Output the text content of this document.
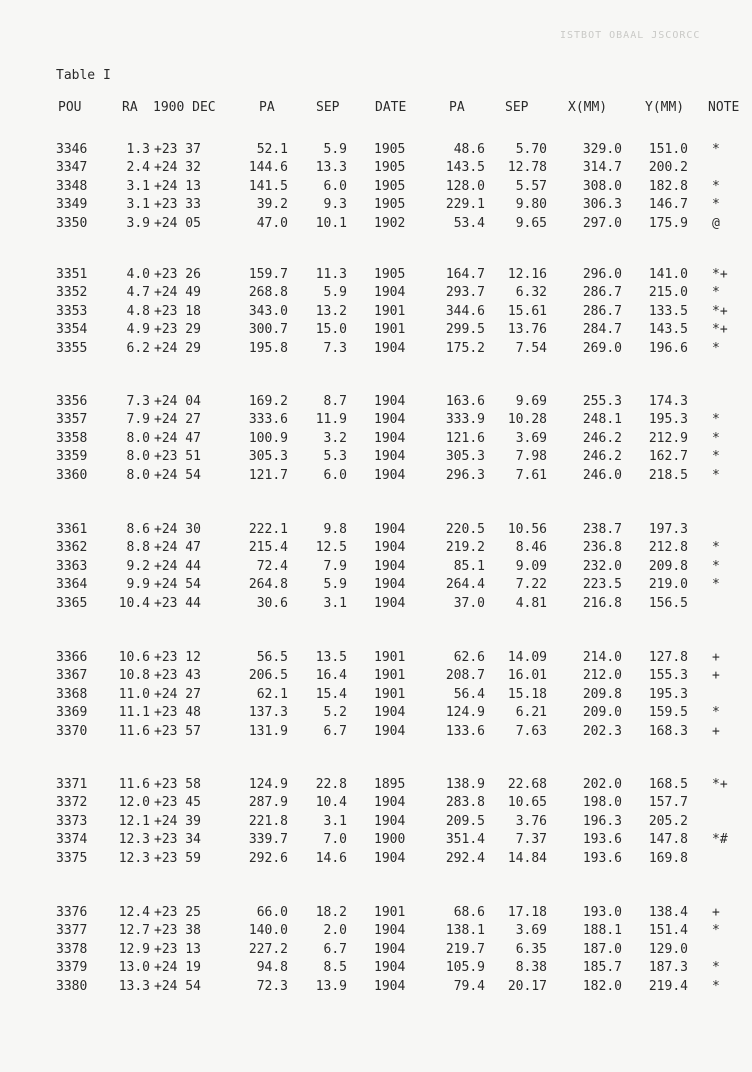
ISTBOT OBAAL JSCORCC
Table I
POU	RA 1900 DEC	PA	SEP	DATE	PA	SEP	X(MM)	Y(MM) NOTE
3346	1.3 +23 37	52.1	5.9 1905	48.6	5.70	329.0	151.0 *
3347	2.4 +24 32	144.6	13.3 1905	143.5	12.78	314.7	200.2
3348	3.1 +24 13	141.5	6.0 1905	128.0	5.57	308.0	182.8 *
3349	3.1 +23 33	39.2	9.3 1905	229.1	9.80	306.3	146.7 *
3350	3.9 +24 05	47.0	10.1 1902	53.4	9.65	297.0	175.9 @
3351	4.0 +23 26	159.7	11.3 1905	164.7	12.16	296.0	141.0 *+
3352	4.7 +24 49	268.8	5.9 1904	293.7	6.32	286.7	215.0 *
3353	4.8 +23 18	343.0	13.2 1901	344.6	15.61	286.7	133.5 *+
3354	4.9 +23 29	300.7	15.0 1901	299.5	13.76	284.7	143.5 *+
3355	6.2 +24 29	195.8	7.3 1904	175.2	7.54	269.0	196.6 *
3356	7.3 +24 04	169.2	8.7 1904	163.6	9.69	255.3	174.3
3357	7.9 +24 27	333.6	11.9 1904	333.9	10.28	248.1	195.3 *
3358	8.0 +24 47	100.9	3.2 1904	121.6	3.69	246.2	212.9 *
3359	8.0 +23 51	305.3	5.3 1904	305.3	7.98	246.2	162.7 *
3360	8.0 +24 54	121.7	6.0 1904	296.3	7.61	246.0	218.5 *
3361	8.6 +24 30	222.1	9.8 1904	220.5	10.56	238.7	197.3
3362	8.8 +24 47	215.4	12.5 1904	219.2	8.46	236.8	212.8 *
3363	9.2 +24 44	72.4	7.9 1904	85.1	9.09	232.0	209.8 *
3364	9.9 +24 54	264.8	5.9 1904	264.4	7.22	223.5	219.0 *
3365	10.4 +23 44	30.6	3.1 1904	37.0	4.81	216.8	156.5
3366	10.6 +23 12	56.5	13.5 1901	62.6	14.09	214.0	127.8 +
3367	10.8 +23 43	206.5	16.4 1901	208.7	16.01	212.0	155.3 +
3368	11.0 +24 27	62.1	15.4 1901	56.4	15.18	209.8	195.3
3369	11.1 +23 48	137.3	5.2 1904	124.9	6.21	209.0	159.5 *
3370	11.6 +23 57	131.9	6.7 1904	133.6	7.63	202.3	168.3 +
3371	11.6 +23 58	124.9	22.8 1895	138.9	22.68	202.0	168.5 *+
3372	12.0 +23 45	287.9	10.4 1904	283.8	10.65	198.0	157.7
3373	12.1 +24 39	221.8	3.1 1904	209.5	3.76	196.3	205.2
3374	12.3 +23 34	339.7	7.0 1900	351.4	7.37	193.6	147.8 *#
3375	12.3 +23 59	292.6	14.6 1904	292.4	14.84	193.6	169.8
3376	12.4 +23 25	66.0	18.2 1901	68.6	17.18	193.0	138.4 +
3377	12.7 +23 38	140.0	2.0 1904	138.1	3.69	188.1	151.4 *
3378	12.9 +23 13	227.2	6.7 1904	219.7	6.35	187.0	129.0
3379	13.0 +24 19	94.8	8.5 1904	105.9	8.38	185.7	187.3 *
3380	13.3 +24 54	72.3	13.9 1904	79.4	20.17	182.0	219.4 *
